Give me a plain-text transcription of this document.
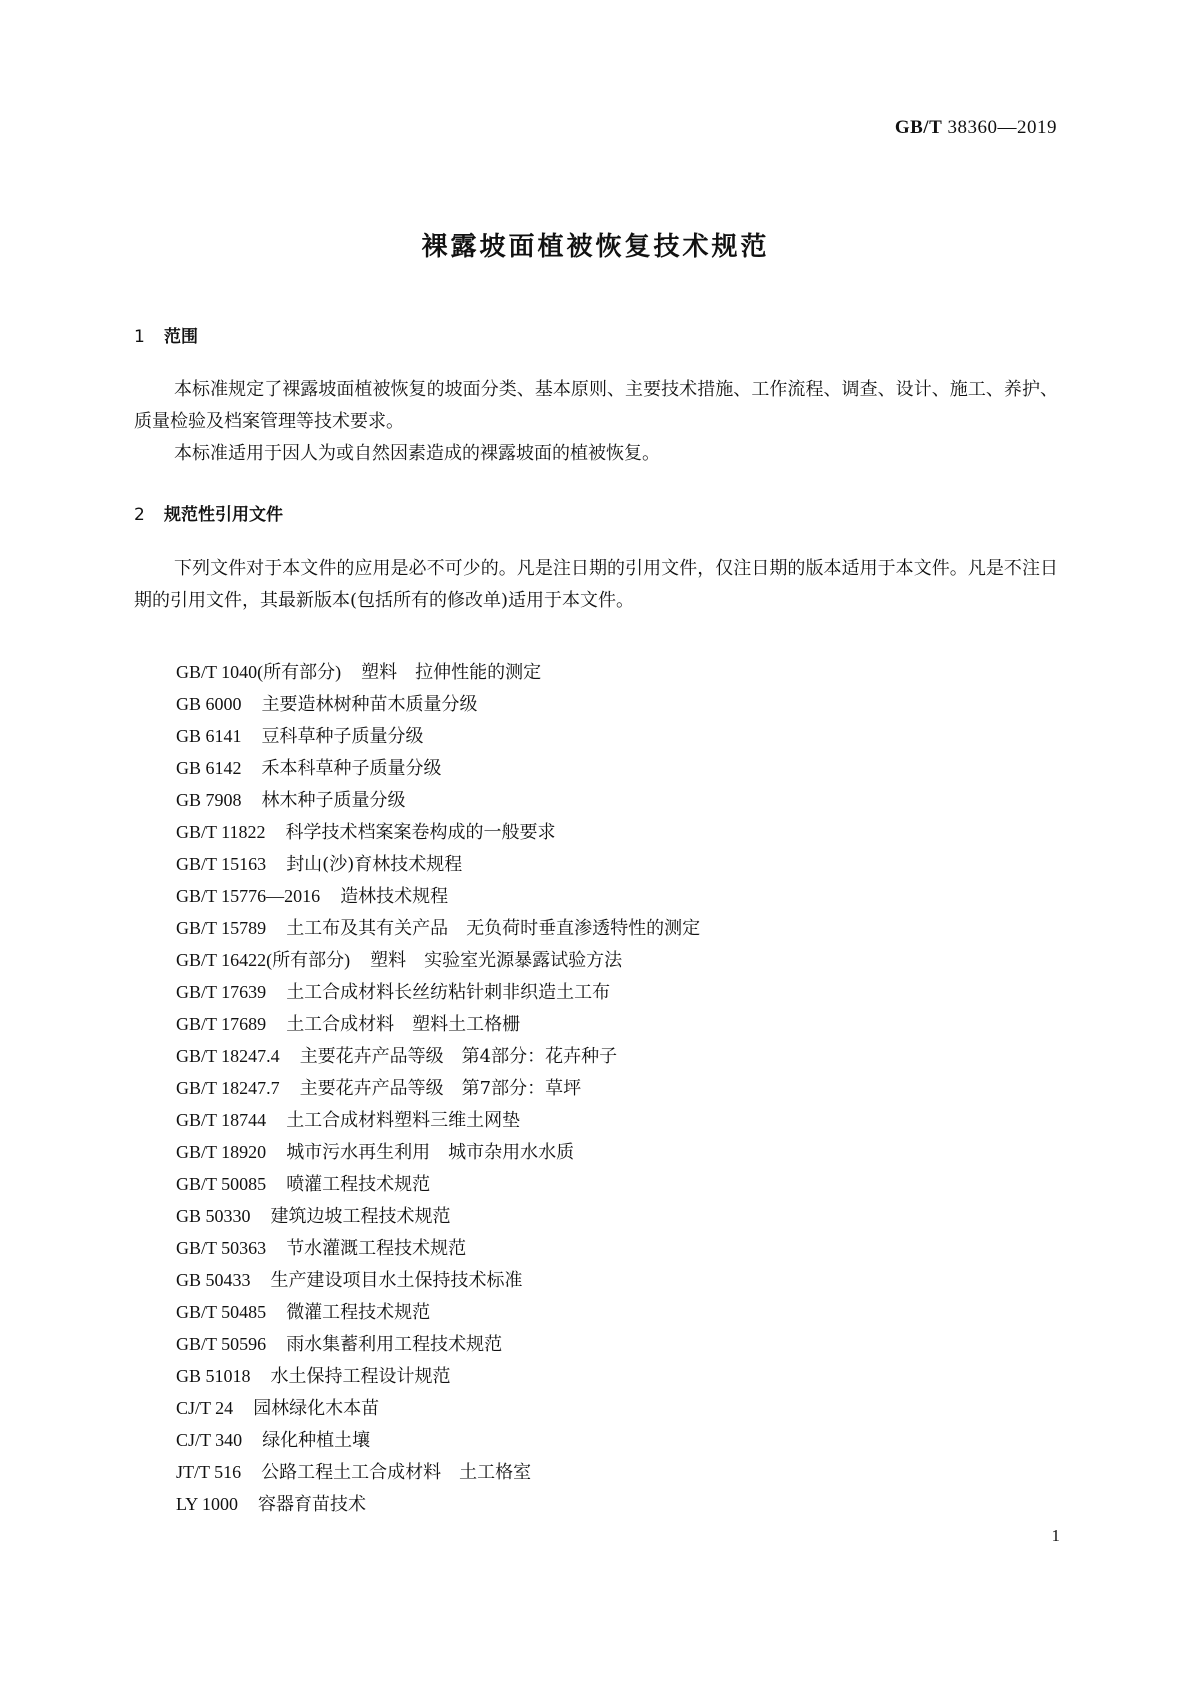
GB/T 38360—2019
裸露坡面植被恢复技术规范
1 范围

本标准规定了裸露坡面植被恢复的坡面分类、基本原则、主要技术措施、工作流程、调查、设计、施工、养护、质量检验及档案管理等技术要求。

本标准适用于因人为或自然因素造成的裸露坡面的植被恢复。

2 规范性引用文件

下列文件对于本文件的应用是必不可少的。凡是注日期的引用文件，仅注日期的版本适用于本文件。凡是不注日期的引用文件，其最新版本(包括所有的修改单)适用于本文件。

GB/T 1040(所有部分) 塑料　拉伸性能的测定
GB 6000 主要造林树种苗木质量分级
GB 6141 豆科草种子质量分级
GB 6142 禾本科草种子质量分级
GB 7908 林木种子质量分级
GB/T 11822 科学技术档案案卷构成的一般要求
GB/T 15163 封山(沙)育林技术规程
GB/T 15776—2016 造林技术规程
GB/T 15789 土工布及其有关产品　无负荷时垂直渗透特性的测定
GB/T 16422(所有部分) 塑料　实验室光源暴露试验方法
GB/T 17639 土工合成材料长丝纺粘针刺非织造土工布
GB/T 17689 土工合成材料　塑料土工格栅
GB/T 18247.4 主要花卉产品等级　第4部分：花卉种子
GB/T 18247.7 主要花卉产品等级　第7部分：草坪
GB/T 18744 土工合成材料塑料三维土网垫
GB/T 18920 城市污水再生利用　城市杂用水水质
GB/T 50085 喷灌工程技术规范
GB 50330 建筑边坡工程技术规范
GB/T 50363 节水灌溉工程技术规范
GB 50433 生产建设项目水土保持技术标准
GB/T 50485 微灌工程技术规范
GB/T 50596 雨水集蓄利用工程技术规范
GB 51018 水土保持工程设计规范
CJ/T 24 园林绿化木本苗
CJ/T 340 绿化种植土壤
JT/T 516 公路工程土工合成材料　土工格室
LY 1000 容器育苗技术
1
